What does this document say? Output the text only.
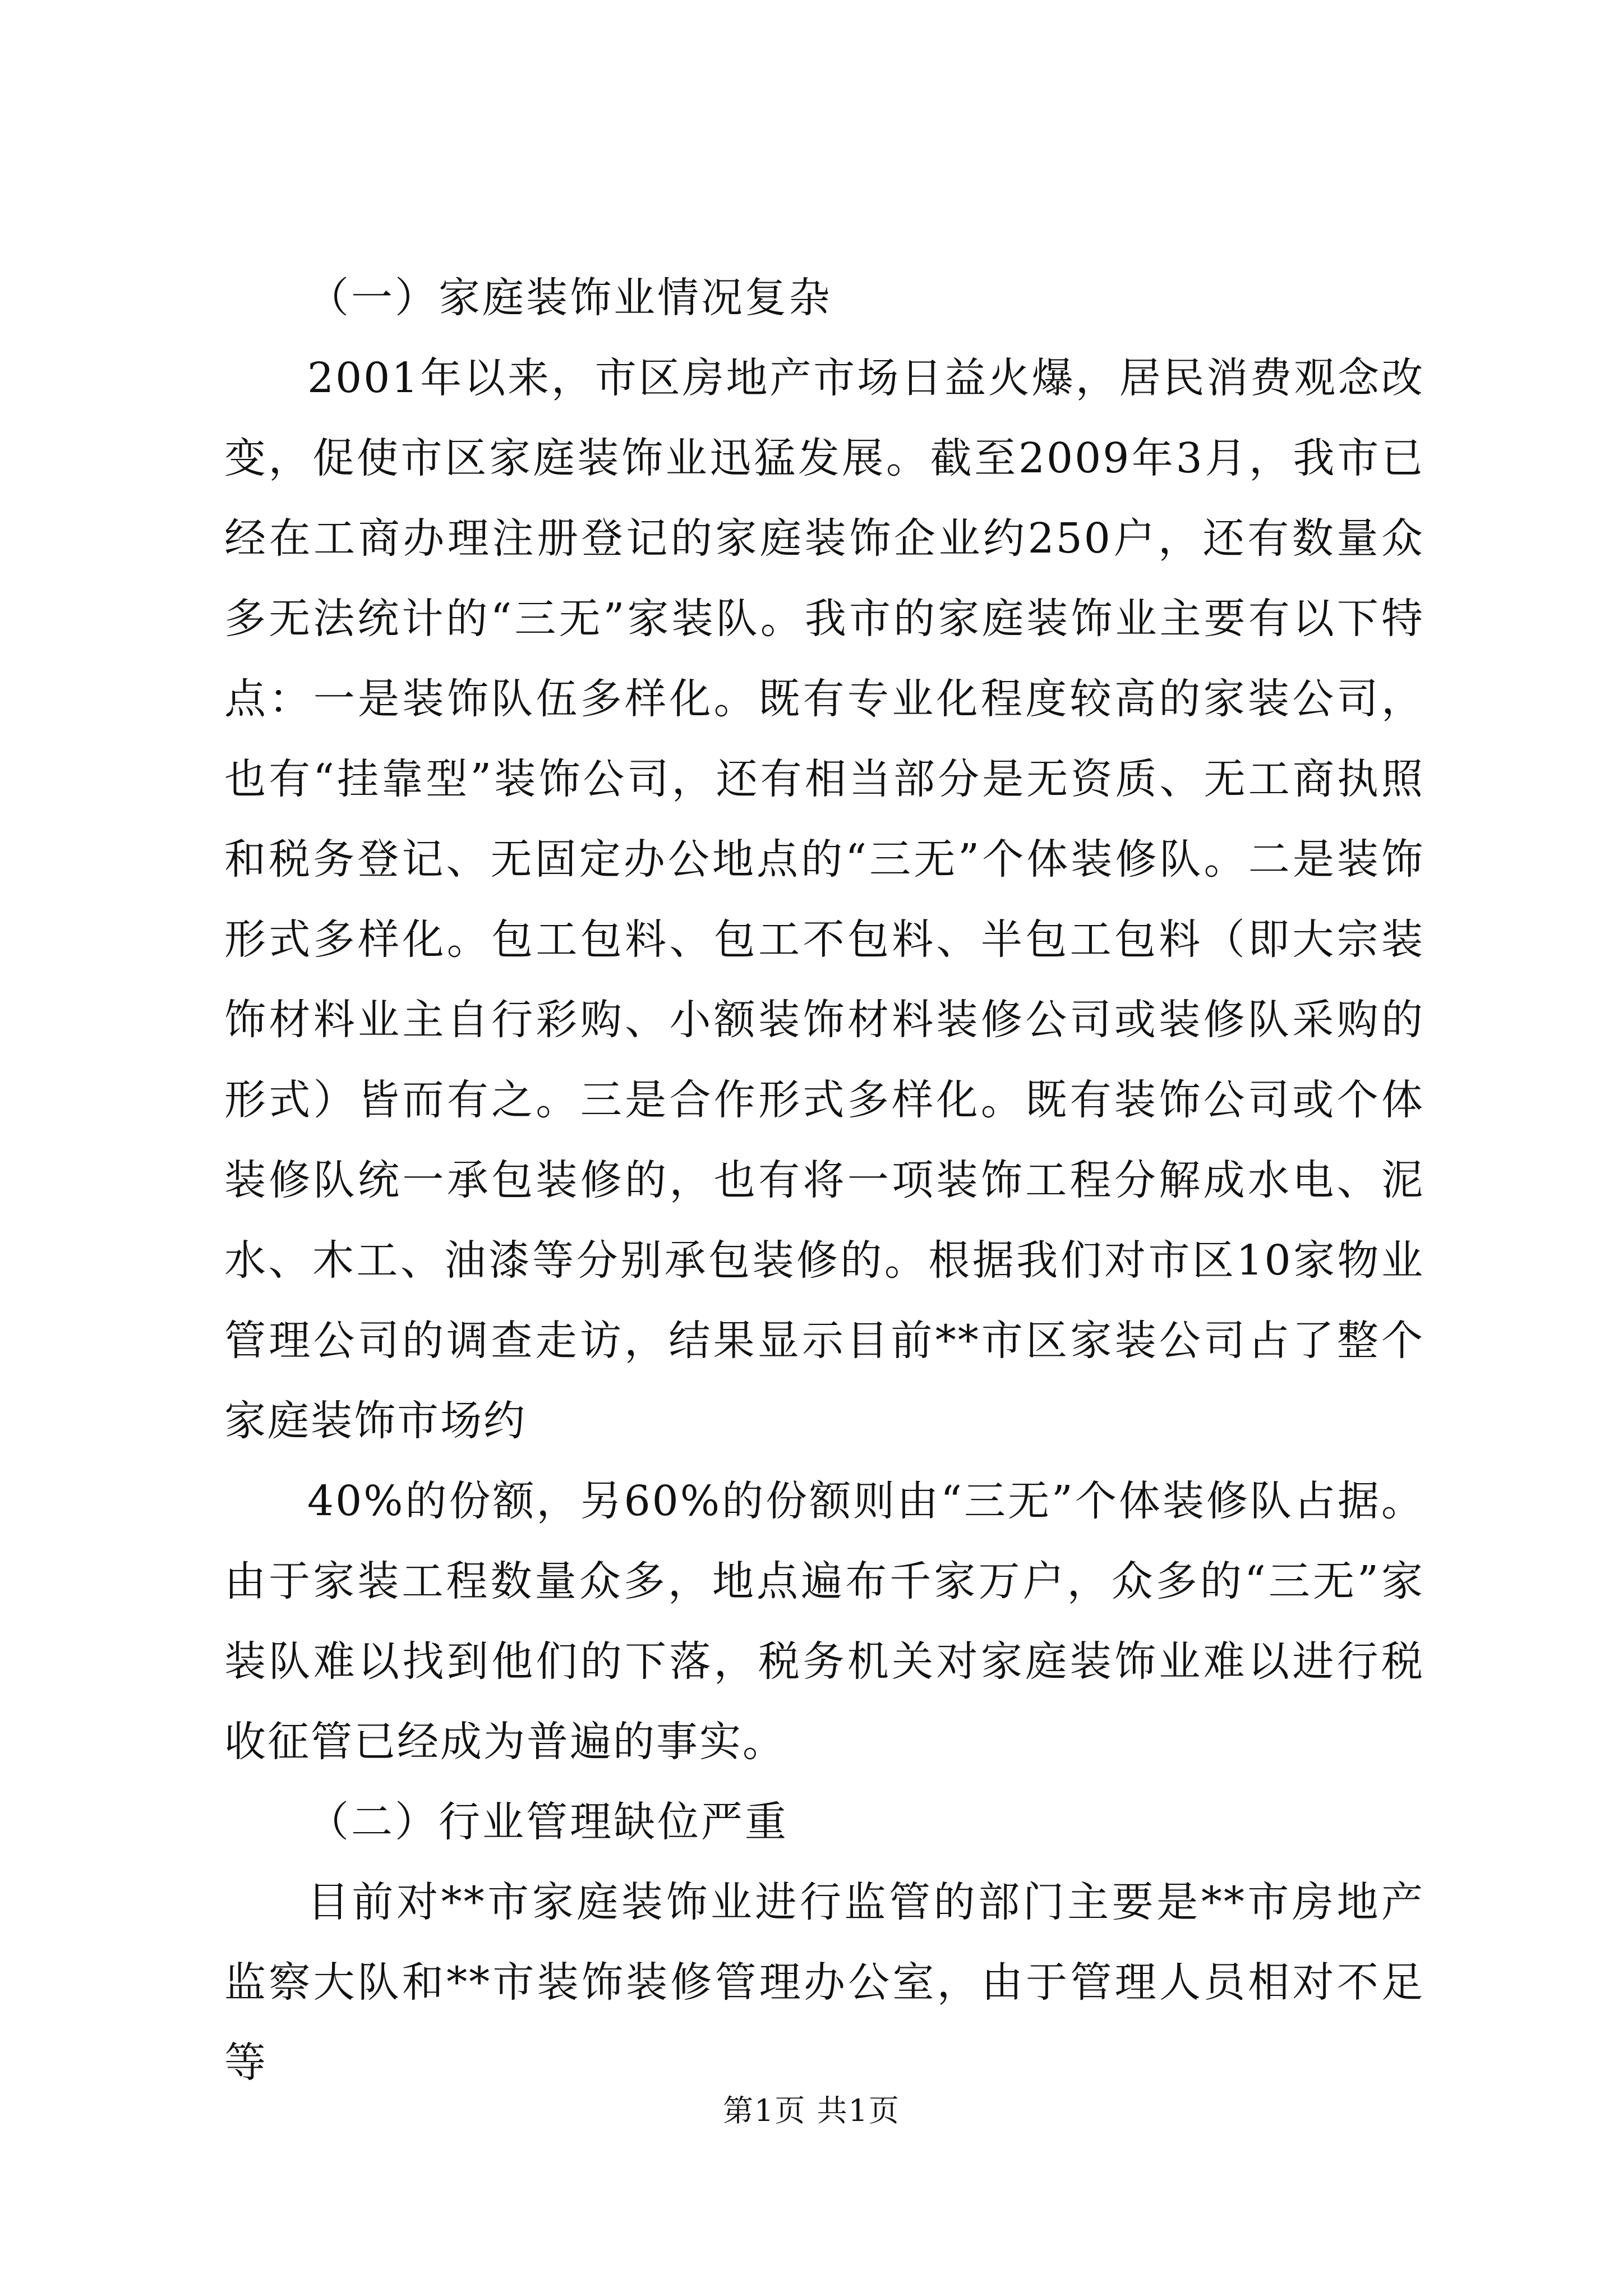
（一）家庭装饰业情况复杂

2001年以来，市区房地产市场日益火爆，居民消费观念改变，促使市区家庭装饰业迅猛发展。截至2009年3月，我市已经在工商办理注册登记的家庭装饰企业约250户，还有数量众多无法统计的“三无”家装队。我市的家庭装饰业主要有以下特点：一是装饰队伍多样化。既有专业化程度较高的家装公司，也有“挂靠型”装饰公司，还有相当部分是无资质、无工商执照和税务登记、无固定办公地点的“三无”个体装修队。二是装饰形式多样化。包工包料、包工不包料、半包工包料（即大宗装饰材料业主自行彩购、小额装饰材料装修公司或装修队采购的形式）皆而有之。三是合作形式多样化。既有装饰公司或个体装修队统一承包装修的，也有将一项装饰工程分解成水电、泥水、木工、油漆等分别承包装修的。根据我们对市区10家物业管理公司的调查走访，结果显示目前**市区家装公司占了整个家庭装饰市场约

40%的份额，另60%的份额则由“三无”个体装修队占据。由于家装工程数量众多，地点遍布千家万户，众多的“三无”家装队难以找到他们的下落，税务机关对家庭装饰业难以进行税收征管已经成为普遍的事实。

（二）行业管理缺位严重

目前对**市家庭装饰业进行监管的部门主要是**市房地产监察大队和**市装饰装修管理办公室，由于管理人员相对不足等

第1页 共1页
